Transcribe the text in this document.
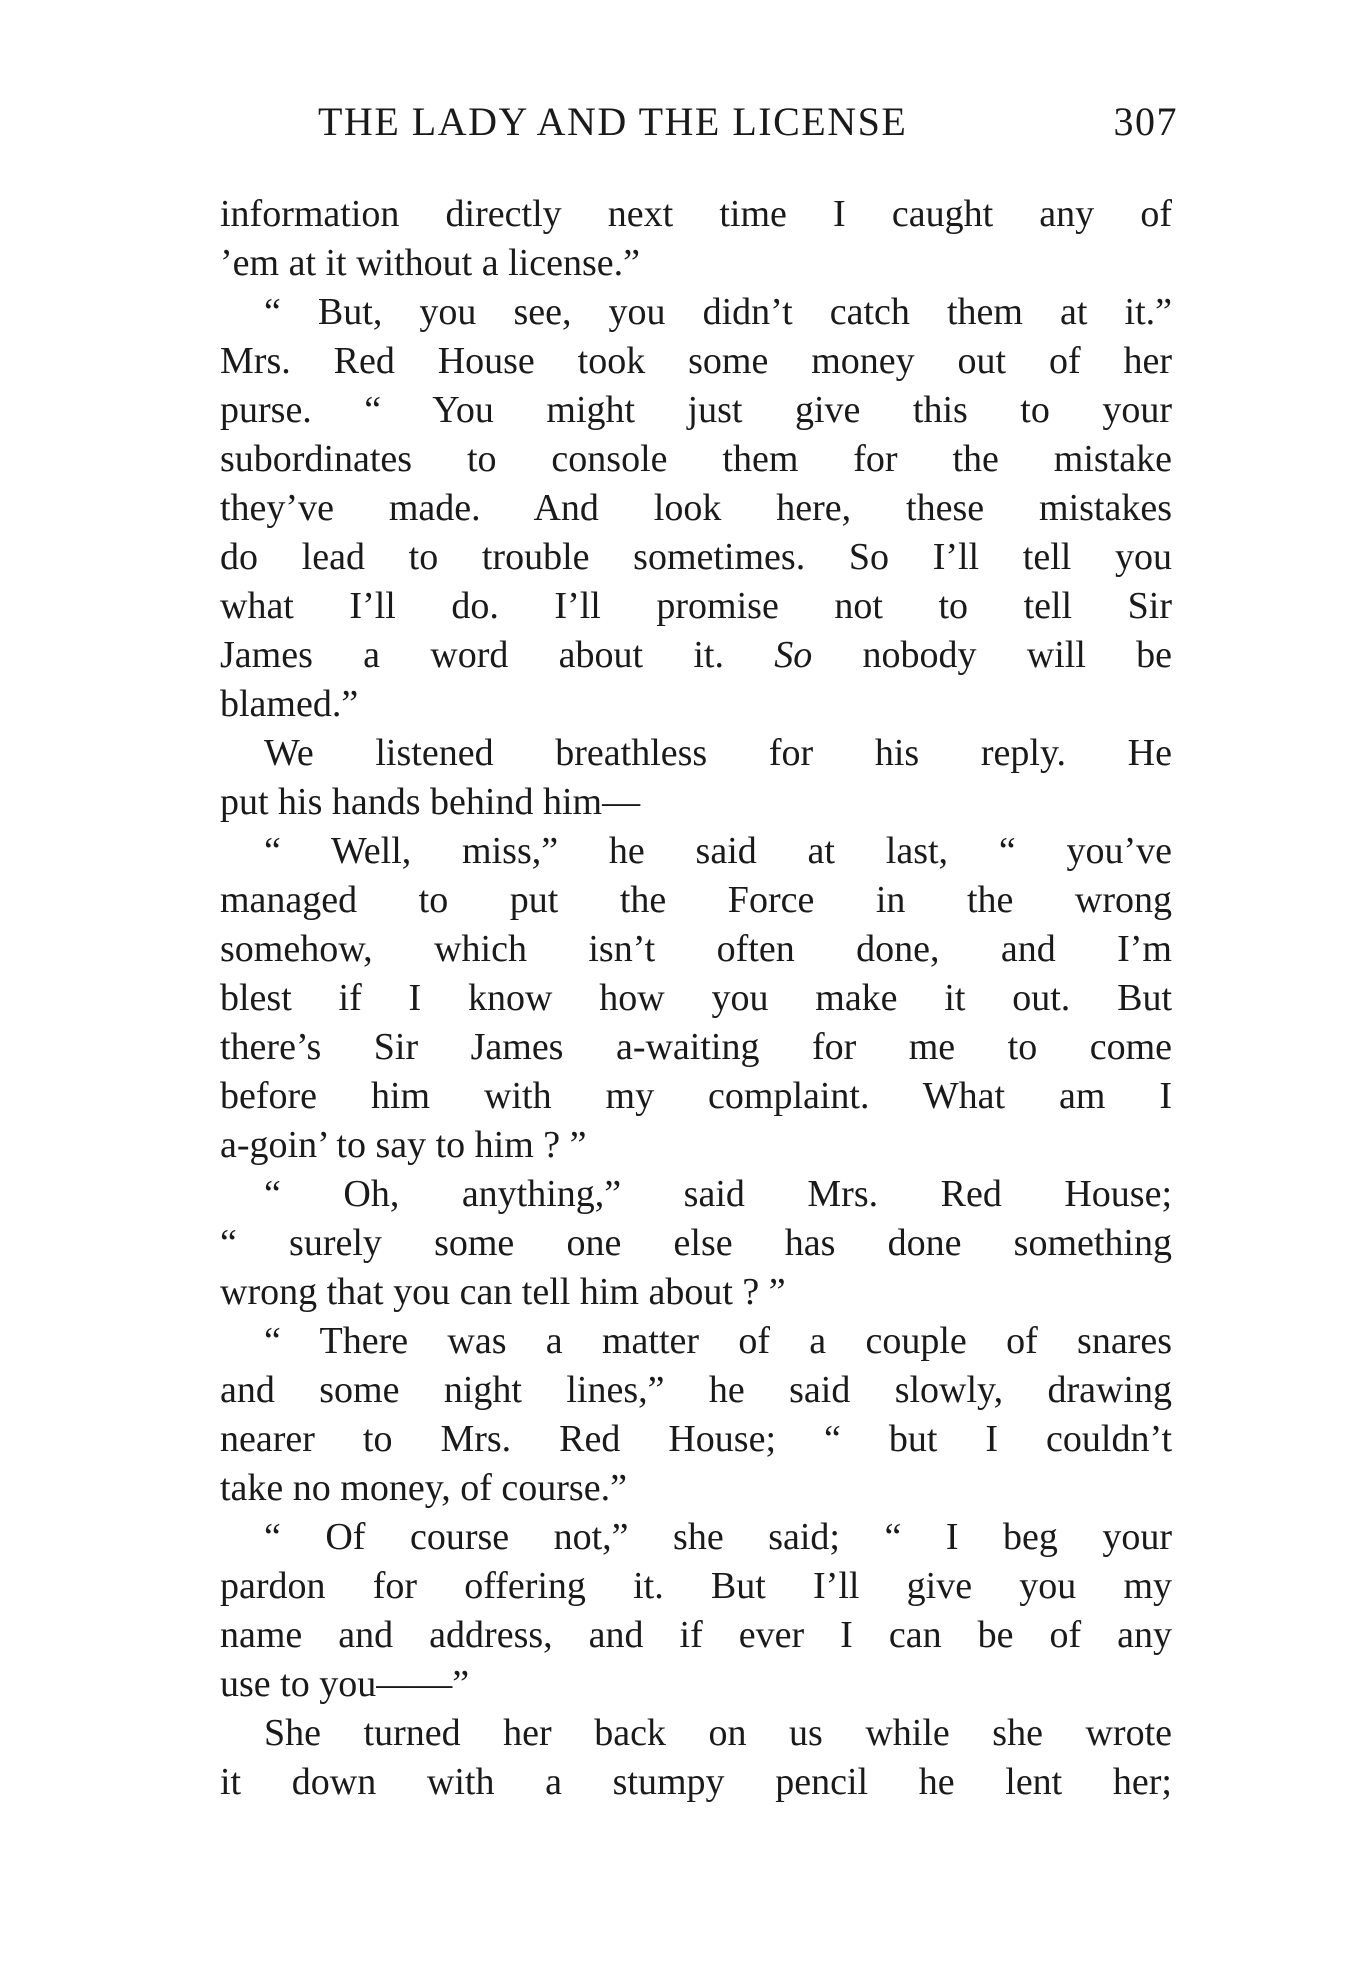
THE LADY AND THE LICENSE	307
information directly next time I caught any of
’em at it without a license.”
“ But, you see, you didn’t catch them at it.”
Mrs. Red House took some money out of her
purse. “ You might just give this to your
subordinates to console them for the mistake
they’ve made. And look here, these mistakes
do lead to trouble sometimes. So I’ll tell you
what I’ll do. I’ll promise not to tell Sir
James a word about it. So nobody will be
blamed.”
We listened breathless for his reply. He
put his hands behind him—
“ Well, miss,” he said at last, “ you’ve
managed to put the Force in the wrong
somehow, which isn’t often done, and I’m
blest if I know how you make it out. But
there’s Sir James a-waiting for me to come
before him with my complaint. What am I
a-goin’ to say to him ? ”
“ Oh, anything,” said Mrs. Red House;
“ surely some one else has done something
wrong that you can tell him about ? ”
“ There was a matter of a couple of snares
and some night lines,” he said slowly, drawing
nearer to Mrs. Red House; “ but I couldn’t
take no money, of course.”
“ Of course not,” she said; “ I beg your
pardon for offering it. But I’ll give you my
name and address, and if ever I can be of any
use to you——”
She turned her back on us while she wrote
it down with a stumpy pencil he lent her;
